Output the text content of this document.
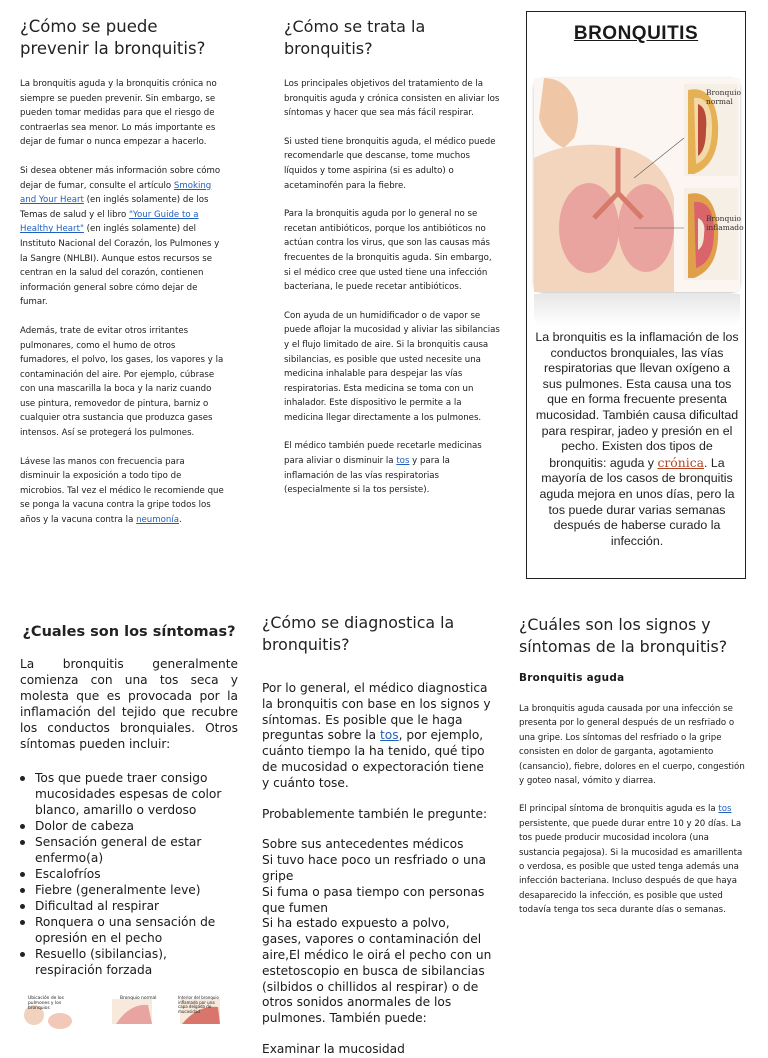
¿Cómo se puede prevenir la bronquitis?

La bronquitis aguda y la bronquitis crónica no siempre se pueden prevenir. Sin embargo, se pueden tomar medidas para que el riesgo de contraerlas sea menor. Lo más importante es dejar de fumar o nunca empezar a hacerlo.

Si desea obtener más información sobre cómo dejar de fumar, consulte el artículo Smoking and Your Heart (en inglés solamente) de los Temas de salud y el libro "Your Guide to a Healthy Heart" (en inglés solamente) del Instituto Nacional del Corazón, los Pulmones y la Sangre (NHLBI). Aunque estos recursos se centran en la salud del corazón, contienen información general sobre cómo dejar de fumar.

Además, trate de evitar otros irritantes pulmonares, como el humo de otros fumadores, el polvo, los gases, los vapores y la contaminación del aire. Por ejemplo, cúbrase con una mascarilla la boca y la nariz cuando use pintura, removedor de pintura, barniz o cualquier otra sustancia que produzca gases intensos. Así se protegerá los pulmones.

Lávese las manos con frecuencia para disminuir la exposición a todo tipo de microbios. Tal vez el médico le recomiende que se ponga la vacuna contra la gripe todos los años y la vacuna contra la neumonía.

¿Cómo se trata la bronquitis?

Los principales objetivos del tratamiento de la bronquitis aguda y crónica consisten en aliviar los síntomas y hacer que sea más fácil respirar.

Si usted tiene bronquitis aguda, el médico puede recomendarle que descanse, tome muchos líquidos y tome aspirina (si es adulto) o acetaminofén para la fiebre.

Para la bronquitis aguda por lo general no se recetan antibióticos, porque los antibióticos no actúan contra los virus, que son las causas más frecuentes de la bronquitis aguda. Sin embargo, si el médico cree que usted tiene una infección bacteriana, le puede recetar antibióticos.

Con ayuda de un humidificador o de vapor se puede aflojar la mucosidad y aliviar las sibilancias y el flujo limitado de aire. Si la bronquitis causa sibilancias, es posible que usted necesite una medicina inhalable para despejar las vías respiratorias. Esta medicina se toma con un inhalador. Este dispositivo le permite a la medicina llegar directamente a los pulmones.

El médico también puede recetarle medicinas para aliviar o disminuir la tos y para la inflamación de las vías respiratorias (especialmente si la tos persiste).

BRONQUITIS
Bronquio
normal
Bronquio
inflamado

La bronquitis es la inflamación de los conductos bronquiales, las vías respiratorias que llevan oxígeno a sus pulmones. Esta causa una tos que en forma frecuente presenta mucosidad. También causa dificultad para respirar, jadeo y presión en el pecho. Existen dos tipos de bronquitis: aguda y crónica. La mayoría de los casos de bronquitis aguda mejora en unos días, pero la tos puede durar varias semanas después de haberse curado la infección.

¿Cuales son los síntomas?

La bronquitis generalmente comienza con una tos seca y molesta que es provocada por la inflamación del tejido que recubre los conductos bronquiales. Otros síntomas pueden incluir:

Tos que puede traer consigo mucosidades espesas de color blanco, amarillo o verdoso
Dolor de cabeza
Sensación general de estar enfermo(a)
Escalofríos
Fiebre (generalmente leve)
Dificultad al respirar
Ronquera o una sensación de opresión en el pecho
Resuello (sibilancias), respiración forzada
Ubicación de los pulmones y los bronquios
Bronquio normal	Interior del bronquio inflamado por una capa delgada de mucosidad
¿Cómo se diagnostica la bronquitis?

Por lo general, el médico diagnostica la bronquitis con base en los signos y síntomas. Es posible que le haga preguntas sobre la tos, por ejemplo, cuánto tiempo la ha tenido, qué tipo de mucosidad o expectoración tiene y cuánto tose.

Probablemente también le pregunte:

Sobre sus antecedentes médicos

Si tuvo hace poco un resfriado o una gripe

Si fuma o pasa tiempo con personas que fumen

Si ha estado expuesto a polvo, gases, vapores o contaminación del aire,El médico le oirá el pecho con un estetoscopio en busca de sibilancias (silbidos o chillidos al respirar) o de otros sonidos anormales de los pulmones. También puede:

Examinar la mucosidad

¿Cuáles son los signos y síntomas de la bronquitis?
Bronquitis aguda

La bronquitis aguda causada por una infección se presenta por lo general después de un resfriado o una gripe. Los síntomas del resfriado o la gripe consisten en dolor de garganta, agotamiento (cansancio), fiebre, dolores en el cuerpo, congestión y goteo nasal, vómito y diarrea.

El principal síntoma de bronquitis aguda es la tos persistente, que puede durar entre 10 y 20 días. La tos puede producir mucosidad incolora (una sustancia pegajosa). Si la mucosidad es amarillenta o verdosa, es posible que usted tenga además una infección bacteriana. Incluso después de que haya desaparecido la infección, es posible que usted todavía tenga tos seca durante días o semanas.
